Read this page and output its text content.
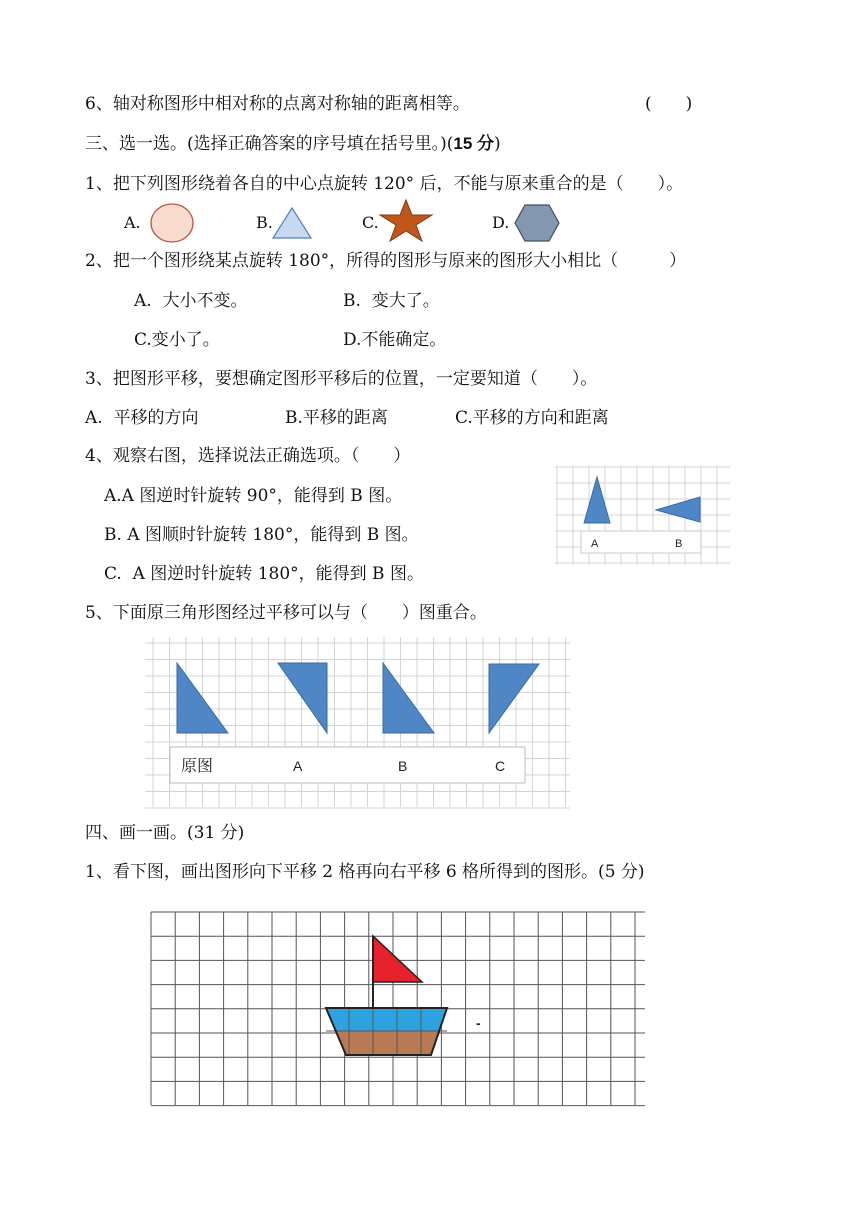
6、轴对称图形中相对称的点离对称轴的距离相等。	(　　)
三、选一选。(选择正确答案的序号填在括号里。)(15 分)
1、把下列图形绕着各自的中心点旋转 120° 后，不能与原来重合的是（　　）。
A.	B.	C.	D.
2、把一个图形绕某点旋转 180°，所得的图形与原来的图形大小相比（　　　）
A.  大小不变。	B.  变大了。
C.变小了。	D.不能确定。
3、把图形平移，要想确定图形平移后的位置，一定要知道（　　）。
A.  平移的方向	B.平移的距离	C.平移的方向和距离
4、观察右图，选择说法正确选项。（　　）
A.A 图逆时针旋转 90°，能得到 B 图。
B. A 图顺时针旋转 180°，能得到 B 图。
C.  A 图逆时针旋转 180°，能得到 B 图。
A	B
5、下面原三角形图经过平移可以与（　　）图重合。
原图	A	B	C
四、画一画。(31 分)
1、看下图，画出图形向下平移 2 格再向右平移 6 格所得到的图形。(5 分)
-
